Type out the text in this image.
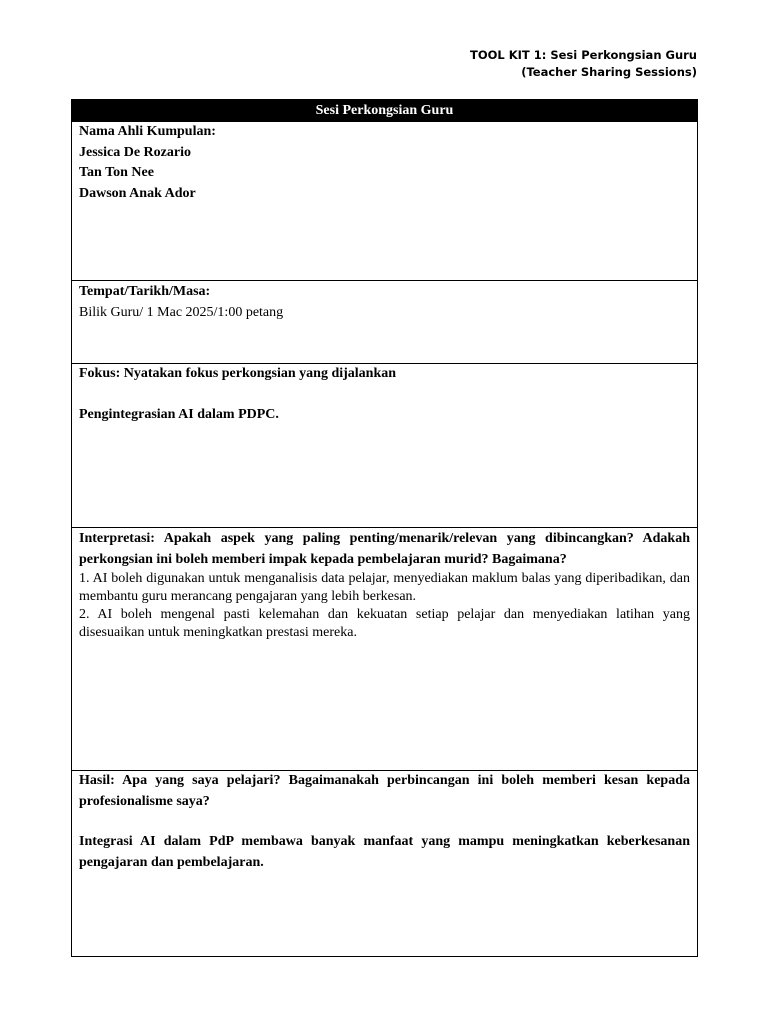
TOOL KIT 1: Sesi Perkongsian Guru
(Teacher Sharing Sessions)
Sesi Perkongsian Guru
Nama Ahli Kumpulan:
Jessica De Rozario
Tan Ton Nee
Dawson Anak Ador
Tempat/Tarikh/Masa:
Bilik Guru/ 1 Mac 2025/1:00 petang
Fokus: Nyatakan fokus perkongsian yang dijalankan
Pengintegrasian AI dalam PDPC.
Interpretasi: Apakah aspek yang paling penting/menarik/relevan yang dibincangkan? Adakah perkongsian ini boleh memberi impak kepada pembelajaran murid? Bagaimana?
1. AI boleh digunakan untuk menganalisis data pelajar, menyediakan maklum balas yang diperibadikan, dan membantu guru merancang pengajaran yang lebih berkesan.
2. AI boleh mengenal pasti kelemahan dan kekuatan setiap pelajar dan menyediakan latihan yang disesuaikan untuk meningkatkan prestasi mereka.
Hasil: Apa yang saya pelajari? Bagaimanakah perbincangan ini boleh memberi kesan kepada profesionalisme saya?
Integrasi AI dalam PdP membawa banyak manfaat yang mampu meningkatkan keberkesanan pengajaran dan pembelajaran.
